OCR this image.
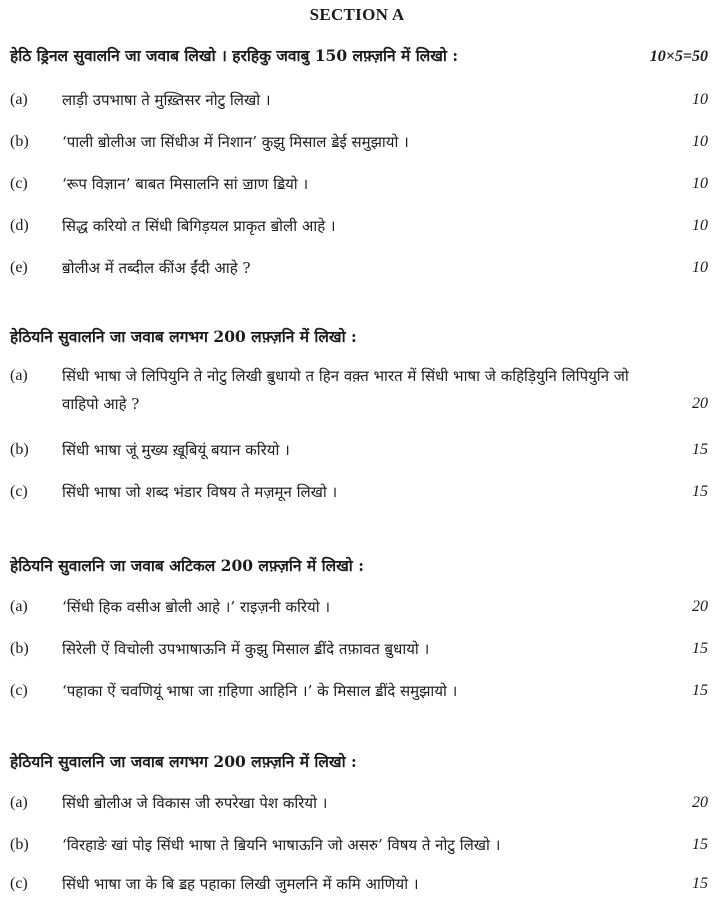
SECTION A
हेठि ड्रिनल सुवालनि जा जवाब लिखो । हरहिकु जवाबु 150 लफ़्ज़नि में लिखो :	10×5=50
(a) लाड़ी उपभाषा ते मुख़्तिसर नोटु लिखो ।	10
(b) ‘पाली ॿोलीअ जा सिंधीअ में निशान’ कुझु मिसाल ॾेई समुझायो ।	10
(c) ‘रूप विज्ञान’ बाबत मिसालनि सां ॼाण ॾियो ।	10
(d) सिद्ध करियो त सिंधी बिगिड़यल प्राकृत ॿोली आहे ।	10
(e) ॿोलीअ में तब्दील कींअ ईंदी आहे ?	10
हेठियनि सुवालनि जा जवाब लगभग 200 लफ़्ज़नि में लिखो :
(a) सिंधी भाषा जे लिपियुनि ते नोटु लिखी ॿुधायो त हिन वक़्त भारत में सिंधी भाषा जे कहिड़ियुनि लिपियुनि जो वाहिपो आहे ?	20
(b) सिंधी भाषा जूं मुख्य ख़ूबियूं बयान करियो ।	15
(c) सिंधी भाषा जो शब्द भंडार विषय ते मज़मून लिखो ।	15
हेठियनि सुवालनि जा जवाब अटिकल 200 लफ़्ज़नि में लिखो :
(a) ‘सिंधी हिक वसीअ ॿोली आहे ।’ राइज़नी करियो ।	20
(b) सिरेली ऐं विचोली उपभाषाऊनि में कुझु मिसाल ॾींदे तफ़ावत ॿुधायो ।	15
(c) ‘पहाका ऐं चवणियूं भाषा जा ग़हिणा आहिनि ।’ के मिसाल ॾींदे समुझायो ।	15
हेठियनि सुवालनि जा जवाब लगभग 200 लफ़्ज़नि में लिखो :
(a) सिंधी ॿोलीअ जे विकास जी रुपरेखा पेश करियो ।	20
(b) ‘विरहाङे खां पोइ सिंधी भाषा ते ॿियनि भाषाऊनि जो असरु’ विषय ते नोटु लिखो ।	15
(c) सिंधी भाषा जा के बि ॾह पहाका लिखी जुमलनि में कमि आणियो ।	15
